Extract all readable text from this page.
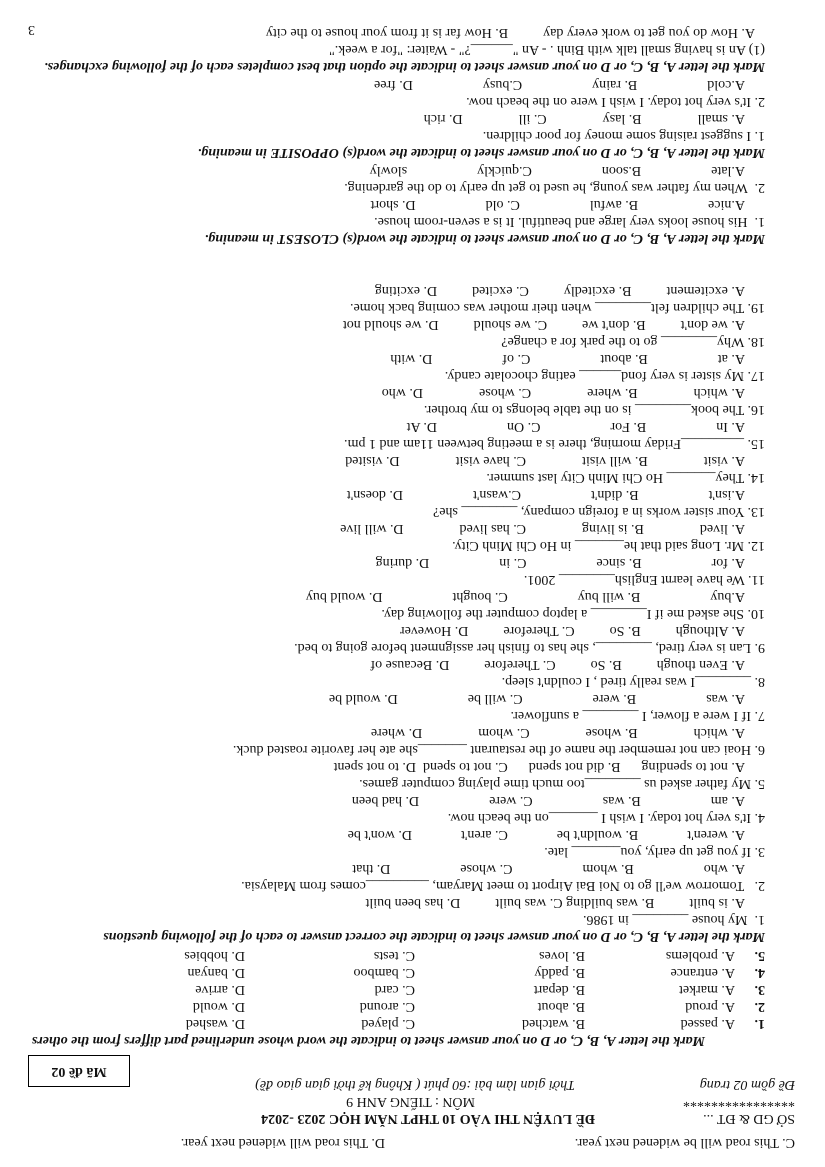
C. This road will be widened next year.
D. This road will widened next year.
SỞ GD & ĐT ...
ĐỀ LUYỆN THI VÀO 10 THPT NĂM HỌC 2023 -2024
****************
MÔN : TIẾNG ANH 9
Đề gồm 02 trang
Thời gian làm bài :60 phút ( Không kể thời gian giao đề)
Mã đề 02
Mark the letter A, B, C, or D on your answer sheet to indicate the word whose underlined part differs from the others
1.
A. passed
B. watched
C. played
D. washed
2.
A. proud
B. about
C. around
D. would
3.
A. market
B. depart
C. card
D. arrive
4.
A. entrance
B. paddy
C. bamboo
D. banyan
5.
A. problems
B. loves
C. tests
D. hobbies
Mark the letter A, B, C, or D on your answer sheet to indicate the correct answer to each of the following questions
1.  My house ________ in 1986.
A. is built          B. was building C. was built          D. has been built
2.   Tomorrow we'll go to Noi Bai Airport to meet Maryam, _________comes from Malaysia.
A. who                    B. whom                    C. whose                    D. that
3. If you get up early, you_______ late.
A. weren't              B. wouldn't be              C. aren't              D. won't be
4. It's very hot today. I wish I _______on the beach now.
A. am                    B. was                    C. were                    D. had been
5. My father asked us ________too much time playing computer games.
A. not to spending      B. did not spend      C. not to spend  D. to not spent
6. Hoai can not remember the name of the restaurant _______she ate her favorite roasted duck.
A. which                B. whose                C. whom                D. where
7. If I were a flower, I ________ a sunflower.
A. was                    B. were                    C. will be                    D. would be
8. ________I was really tired , I couldn't sleep.
A. Even though          B. So          C. Therefore          D. Because of
9. Lan is very tired, ________, she has to finish her assignment before going to bed.
A. Although          B. So          C. Therefore          D. However
10. She asked me if I________ a laptop computer the following day.
A.buy                    B. will buy                    C. bought                    D. would buy
11. We have learnt English________ 2001.
A. for                    B. since                    C. in                    D. during
12. Mr. Long said that he_______ in Ho Chi Minh City.
A. lived                B. is living                C. has lived                D. will live
13. Your sister works in a foreign company, ________ she?
A.isn't                    B. didn't                    C.wasn't                    D. doesn't
14. They_______ Ho Chi Minh City last summer.
A. visit                B. will visit                C. have visit                D. visited
15. _________Friday morning, there is a meeting between 11am and 1 pm.
A. In                    B. For                    C. On                    D. At
16. The book________ is on the table belongs to my brother.
A. which                B. where                C. whose                D. who
17. My sister is very fond______ eating chocolate candy.
A. at                    B. about                    C. of                    D. with
18. Why________ go to the park for a change?
A. we don't          B. don't we          C. we should          D. we should not
19. The children felt________ when their mother was coming back home.
A. excitement          B. excitedly          C. excited          D. exciting
Mark the letter A, B, C, or D on your answer sheet to indicate the word(s) CLOSEST in meaning.
1.  His house looks very large and beautiful. It is a seven-room house.
A.nice                    B. awful                    C. old                    D. short
2.  When my father was young, he used to get up early to do the gardening.
A.late                    B.soon                    C.quickly                    slowly
Mark the letter A, B, C, or D on your answer sheet to indicate the word(s) OPPOSITE in meaning.
1. I suggest raising some money for poor children.
A. small                B. lasy                C. ill                D. rich
2. It's very hot today. I wish I were on the beach now.
A.cold                    B. rainy                    C.busy                    D. free
Mark the letter A, B, C, or D on your answer sheet to indicate the option that best completes each of the following exchanges.
(1) An is having small talk with Binh . - An "______?" - Waiter: "for a week."
A. How do you get to work every day          B. How far is it from your house to the city
3
